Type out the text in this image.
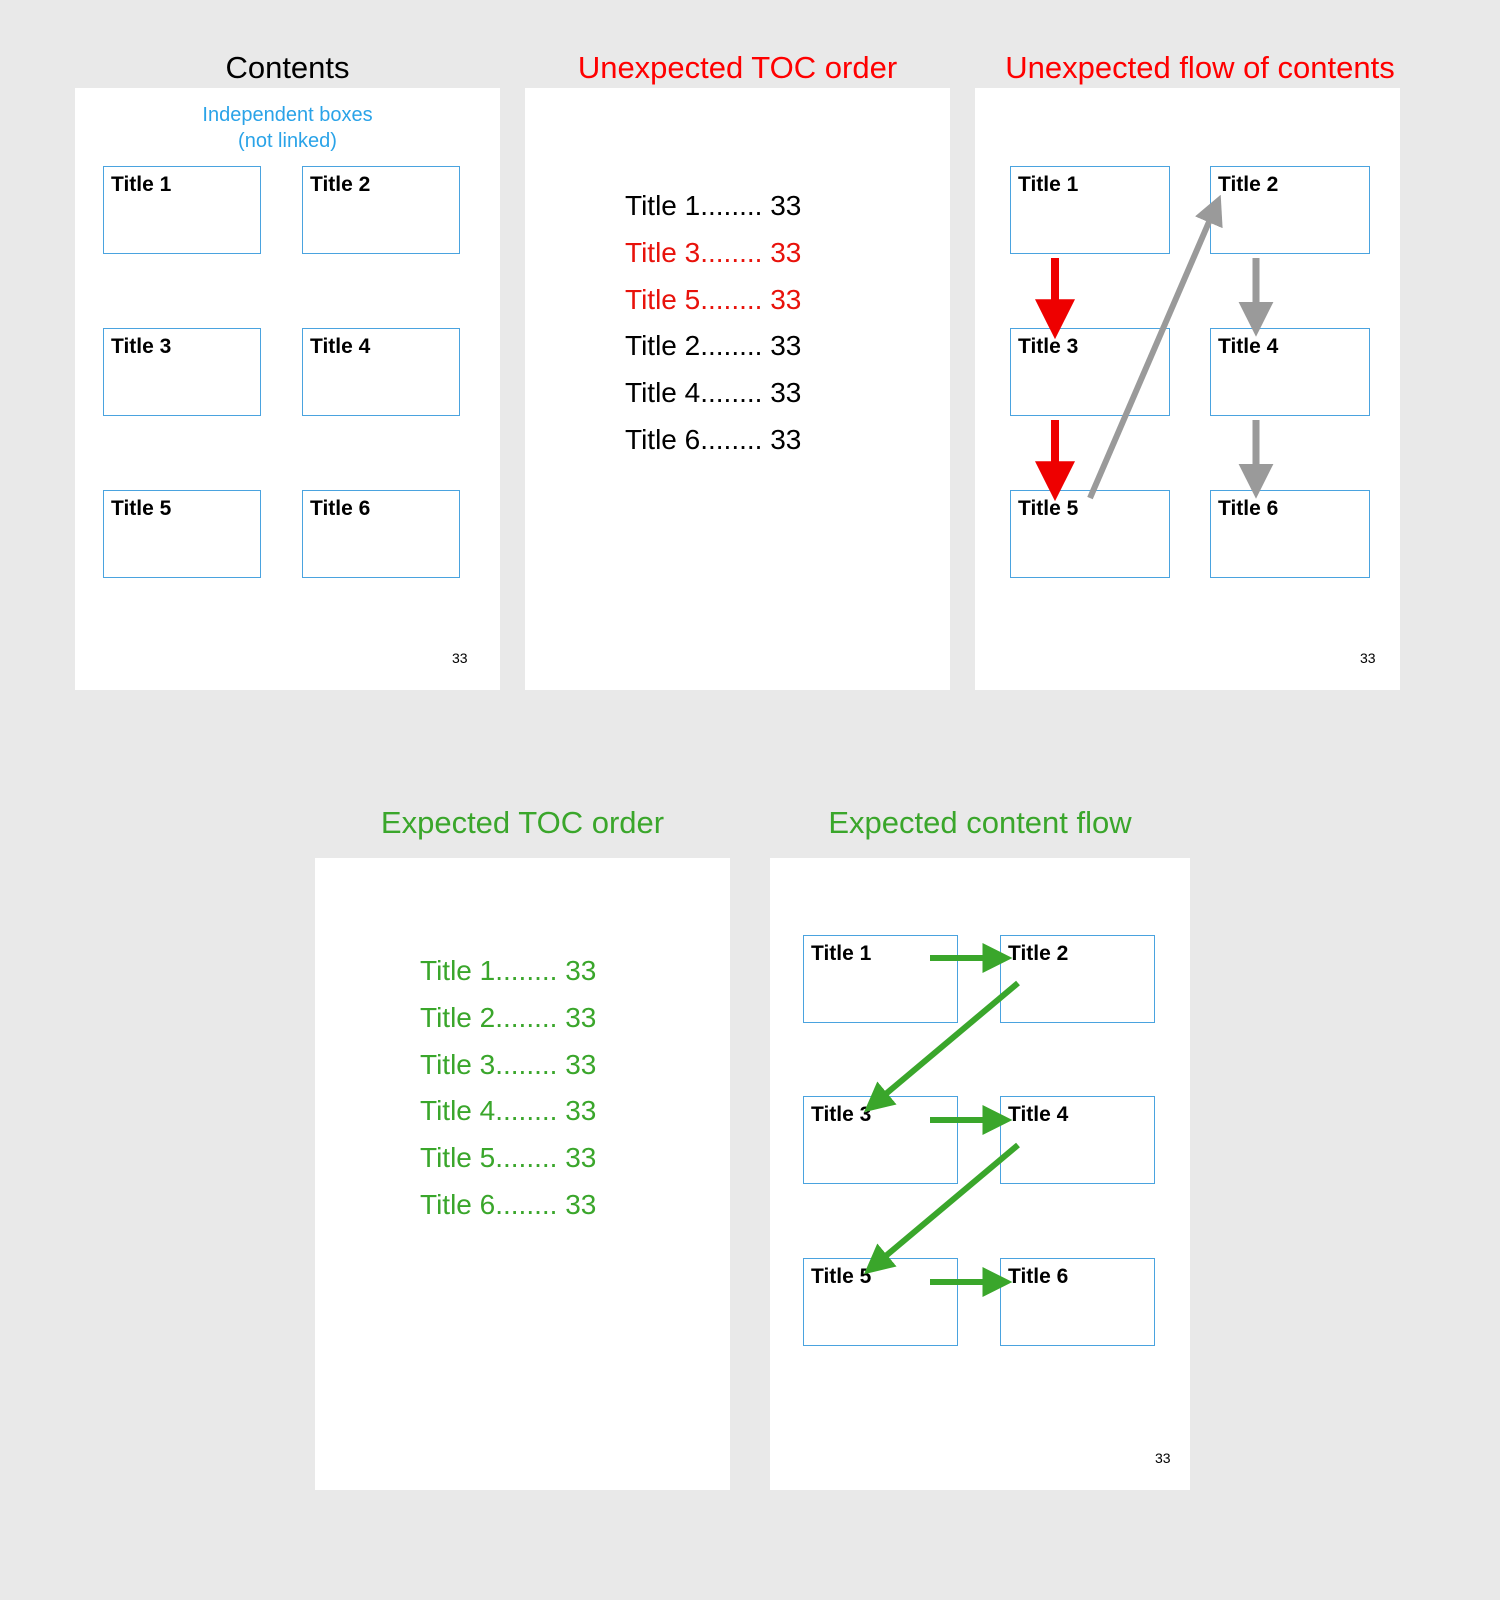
Contents
Independent boxes
(not linked)
Title 1	Title 2
Title 3	Title 4
Title 5	Title 6
33
Unexpected TOC order
Title 1........ 33
Title 3........ 33
Title 5........ 33
Title 2........ 33
Title 4........ 33
Title 6........ 33
Unexpected flow of contents
Title 1	Title 2
Title 3	Title 4
Title 5	Title 6
33
Expected TOC order
Title 1........ 33
Title 2........ 33
Title 3........ 33
Title 4........ 33
Title 5........ 33
Title 6........ 33
Expected content flow
Title 1	Title 2
Title 3	Title 4
Title 5	Title 6
33
